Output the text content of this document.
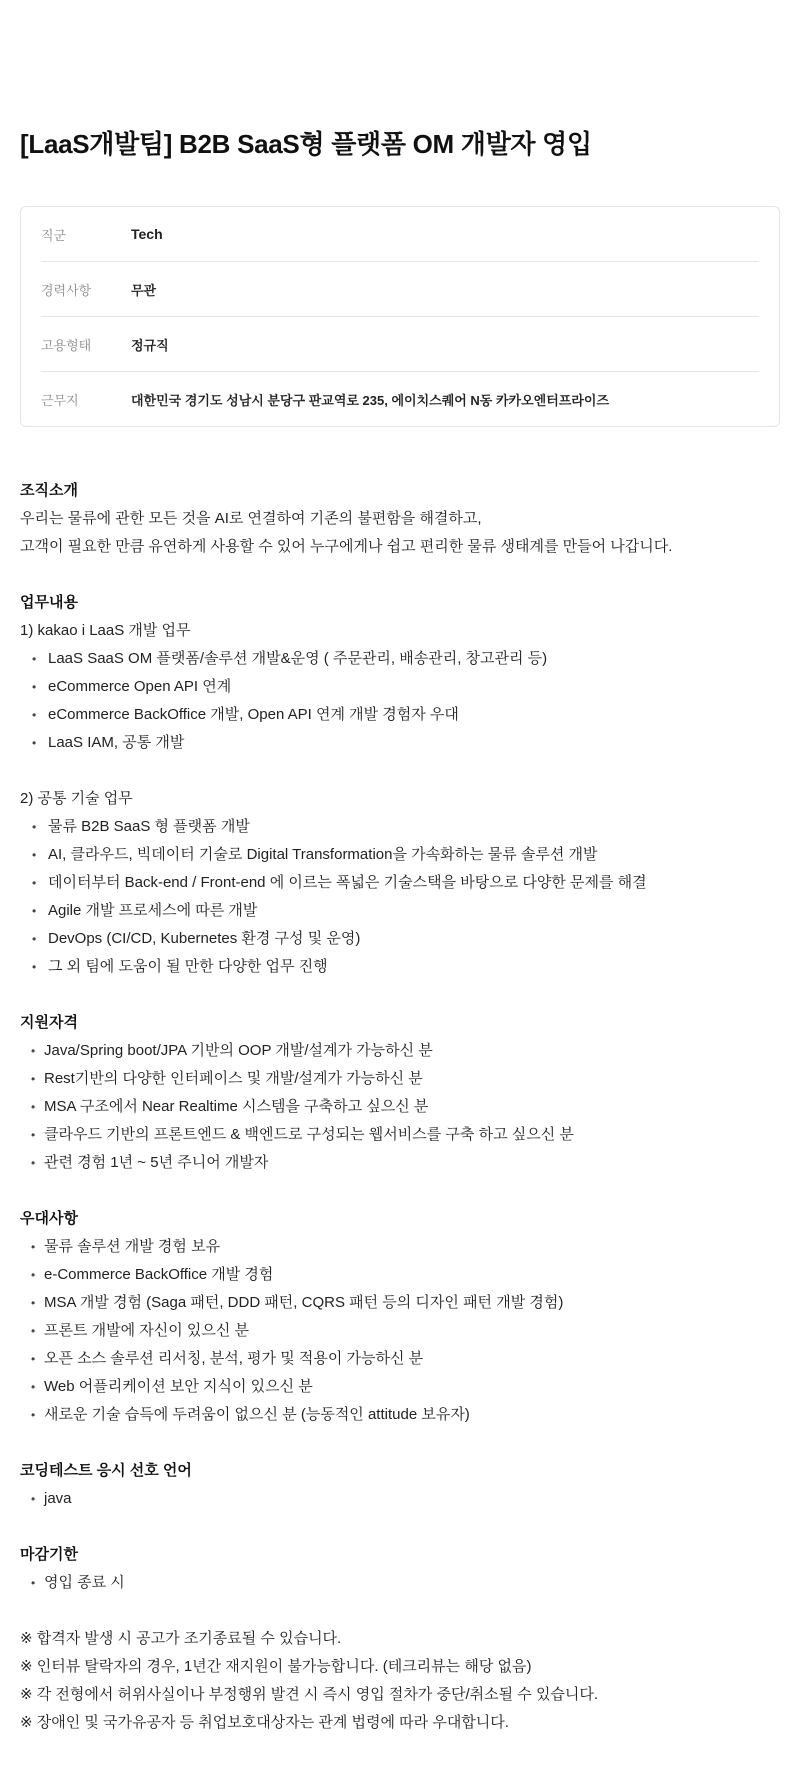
[LaaS개발팀] B2B SaaS형 플랫폼 OM 개발자 영입
직군	Tech
경력사항	무관
고용형태	정규직
근무지	대한민국 경기도 성남시 분당구 판교역로 235, 에이치스퀘어 N동 카카오엔터프라이즈
조직소개

우리는 물류에 관한 모든 것을 AI로 연결하여 기존의 불편함을 해결하고,

고객이 필요한 만큼 유연하게 사용할 수 있어 누구에게나 쉽고 편리한 물류 생태계를 만들어 나갑니다.

업무내용

1) kakao i LaaS 개발 업무

• LaaS SaaS OM 플랫폼/솔루션 개발&운영 ( 주문관리, 배송관리, 창고관리 등)
• eCommerce Open API 연계
• eCommerce BackOffice 개발, Open API 연계 개발 경험자 우대
• LaaS IAM, 공통 개발

2) 공통 기술 업무

• 물류 B2B SaaS 형 플랫폼 개발
• AI, 클라우드, 빅데이터 기술로 Digital Transformation을 가속화하는 물류 솔루션 개발
• 데이터부터 Back-end / Front-end 에 이르는 폭넓은 기술스택을 바탕으로 다양한 문제를 해결
• Agile 개발 프로세스에 따른 개발
• DevOps (CI/CD, Kubernetes 환경 구성 및 운영)
• 그 외 팀에 도움이 될 만한 다양한 업무 진행
지원자격
• Java/Spring boot/JPA 기반의 OOP 개발/설계가 가능하신 분
• Rest기반의 다양한 인터페이스 및 개발/설계가 가능하신 분
• MSA 구조에서 Near Realtime 시스템을 구축하고 싶으신 분
• 클라우드 기반의 프론트엔드 & 백엔드로 구성되는 웹서비스를 구축 하고 싶으신 분
• 관련 경험 1년 ~ 5년 주니어 개발자
우대사항
• 물류 솔루션 개발 경험 보유
• e-Commerce BackOffice 개발 경험
• MSA 개발 경험 (Saga 패턴, DDD 패턴, CQRS 패턴 등의 디자인 패턴 개발 경험)
• 프론트 개발에 자신이 있으신 분
• 오픈 소스 솔루션 리서칭, 분석, 평가 및 적용이 가능하신 분
• Web 어플리케이션 보안 지식이 있으신 분
• 새로운 기술 습득에 두려움이 없으신 분 (능동적인 attitude 보유자)
코딩테스트 응시 선호 언어
• java
마감기한
• 영입 종료 시

※ 합격자 발생 시 공고가 조기종료될 수 있습니다.

※ 인터뷰 탈락자의 경우, 1년간 재지원이 불가능합니다. (테크리뷰는 해당 없음)

※ 각 전형에서 허위사실이나 부정행위 발견 시 즉시 영입 절차가 중단/취소될 수 있습니다.

※ 장애인 및 국가유공자 등 취업보호대상자는 관계 법령에 따라 우대합니다.
